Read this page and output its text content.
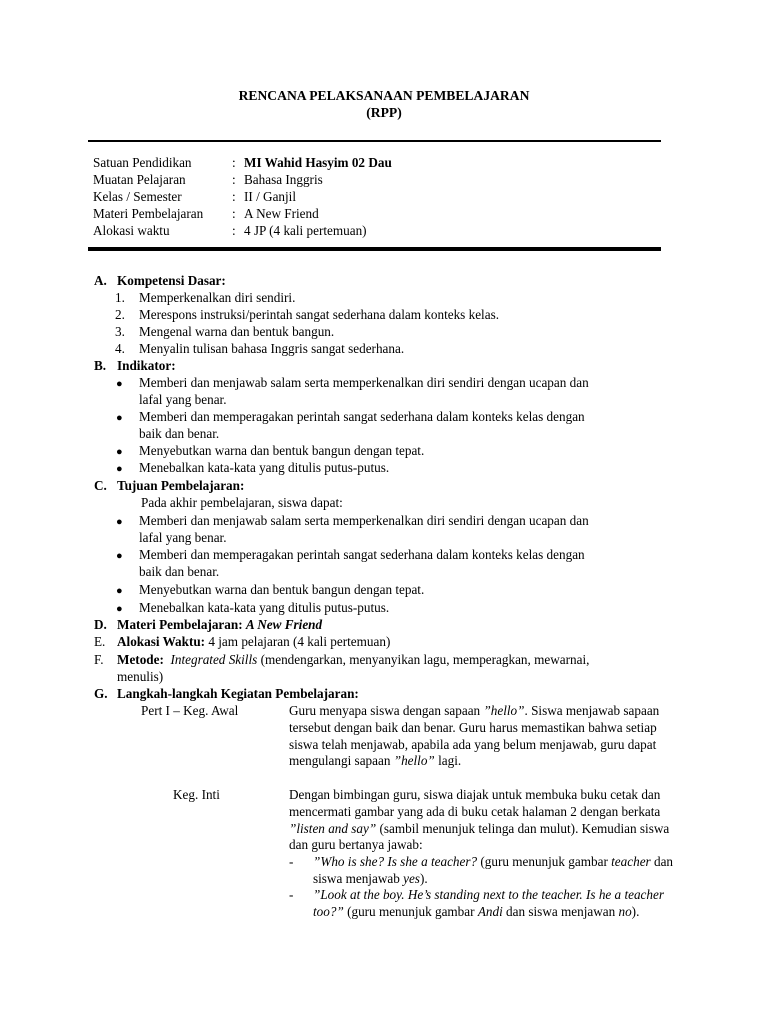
RENCANA PELAKSANAAN PEMBELAJARAN
(RPP)
Satuan Pendidikan	: MI Wahid Hasyim 02 Dau
Muatan Pelajaran	: Bahasa Inggris
Kelas / Semester	: II / Ganjil
Materi Pembelajaran : A New Friend
Alokasi waktu	: 4 JP (4 kali pertemuan)
A. Kompetensi Dasar:
1. Memperkenalkan diri sendiri.
2. Merespons instruksi/perintah sangat sederhana dalam konteks kelas.
3. Mengenal warna dan bentuk bangun.
4. Menyalin tulisan bahasa Inggris sangat sederhana.
B. Indikator:
● Memberi dan menjawab salam serta memperkenalkan diri sendiri dengan ucapan dan
lafal yang benar.
● Memberi dan memperagakan perintah sangat sederhana dalam konteks kelas dengan
baik dan benar.
● Menyebutkan warna dan bentuk bangun dengan tepat.
● Menebalkan kata-kata yang ditulis putus-putus.
C. Tujuan Pembelajaran:
Pada akhir pembelajaran, siswa dapat:
● Memberi dan menjawab salam serta memperkenalkan diri sendiri dengan ucapan dan
lafal yang benar.
● Memberi dan memperagakan perintah sangat sederhana dalam konteks kelas dengan
baik dan benar.
● Menyebutkan warna dan bentuk bangun dengan tepat.
● Menebalkan kata-kata yang ditulis putus-putus.
D. Materi Pembelajaran: A New Friend
E. Alokasi Waktu: 4 jam pelajaran (4 kali pertemuan)
F. Metode: Integrated Skills (mendengarkan, menyanyikan lagu, memperagkan, mewarnai,
menulis)
G. Langkah-langkah Kegiatan Pembelajaran:
Pert I – Keg. Awal	Guru menyapa siswa dengan sapaan ”hello”. Siswa menjawab sapaan tersebut dengan baik dan benar. Guru harus memastikan bahwa setiap siswa telah menjawab, apabila ada yang belum menjawab, guru dapat mengulangi sapaan ”hello” lagi.
Keg. Inti	Dengan bimbingan guru, siswa diajak untuk membuka buku cetak dan mencermati gambar yang ada di buku cetak halaman 2 dengan berkata ”listen and say” (sambil menunjuk telinga dan mulut). Kemudian siswa dan guru bertanya jawab:
- ”Who is she? Is she a teacher? (guru menunjuk gambar teacher dan siswa menjawab yes).
- ”Look at the boy. He’s standing next to the teacher. Is he a teacher too?” (guru menunjuk gambar Andi dan siswa menjawan no).
